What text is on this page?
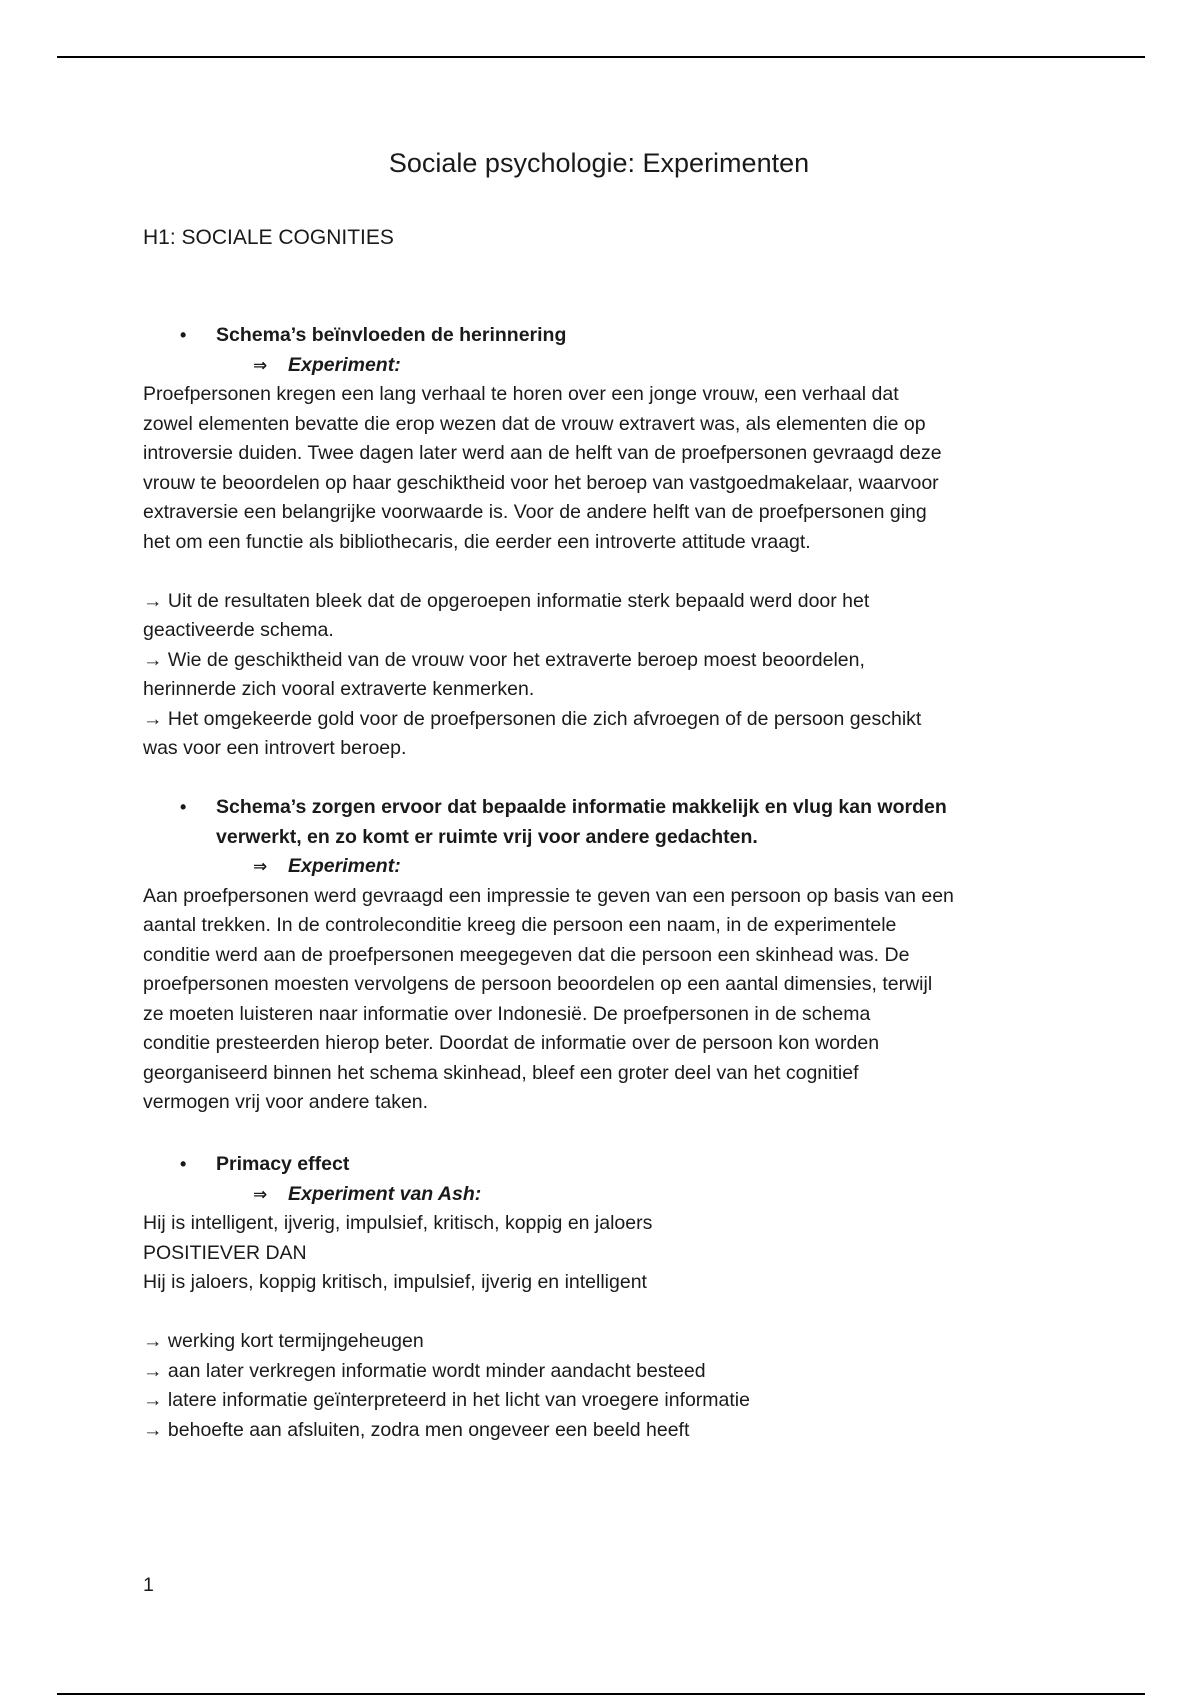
Sociale psychologie: Experimenten
H1: SOCIALE COGNITIES
• Schema’s beïnvloeden de herinnering
⇒ Experiment:
Proefpersonen kregen een lang verhaal te horen over een jonge vrouw, een verhaal dat
zowel elementen bevatte die erop wezen dat de vrouw extravert was, als elementen die op
introversie duiden. Twee dagen later werd aan de helft van de proefpersonen gevraagd deze
vrouw te beoordelen op haar geschiktheid voor het beroep van vastgoedmakelaar, waarvoor
extraversie een belangrijke voorwaarde is. Voor de andere helft van de proefpersonen ging
het om een functie als bibliothecaris, die eerder een introverte attitude vraagt.
→ Uit de resultaten bleek dat de opgeroepen informatie sterk bepaald werd door het
geactiveerde schema.
→ Wie de geschiktheid van de vrouw voor het extraverte beroep moest beoordelen,
herinnerde zich vooral extraverte kenmerken.
→ Het omgekeerde gold voor de proefpersonen die zich afvroegen of de persoon geschikt
was voor een introvert beroep.
• Schema’s zorgen ervoor dat bepaalde informatie makkelijk en vlug kan worden
verwerkt, en zo komt er ruimte vrij voor andere gedachten.
⇒ Experiment:
Aan proefpersonen werd gevraagd een impressie te geven van een persoon op basis van een
aantal trekken. In de controleconditie kreeg die persoon een naam, in de experimentele
conditie werd aan de proefpersonen meegegeven dat die persoon een skinhead was. De
proefpersonen moesten vervolgens de persoon beoordelen op een aantal dimensies, terwijl
ze moeten luisteren naar informatie over Indonesië. De proefpersonen in de schema
conditie presteerden hierop beter. Doordat de informatie over de persoon kon worden
georganiseerd binnen het schema skinhead, bleef een groter deel van het cognitief
vermogen vrij voor andere taken.
• Primacy effect
⇒ Experiment van Ash:
Hij is intelligent, ijverig, impulsief, kritisch, koppig en jaloers
POSITIEVER DAN
Hij is jaloers, koppig kritisch, impulsief, ijverig en intelligent
→ werking kort termijngeheugen
→ aan later verkregen informatie wordt minder aandacht besteed
→ latere informatie geïnterpreteerd in het licht van vroegere informatie
→ behoefte aan afsluiten, zodra men ongeveer een beeld heeft
1
